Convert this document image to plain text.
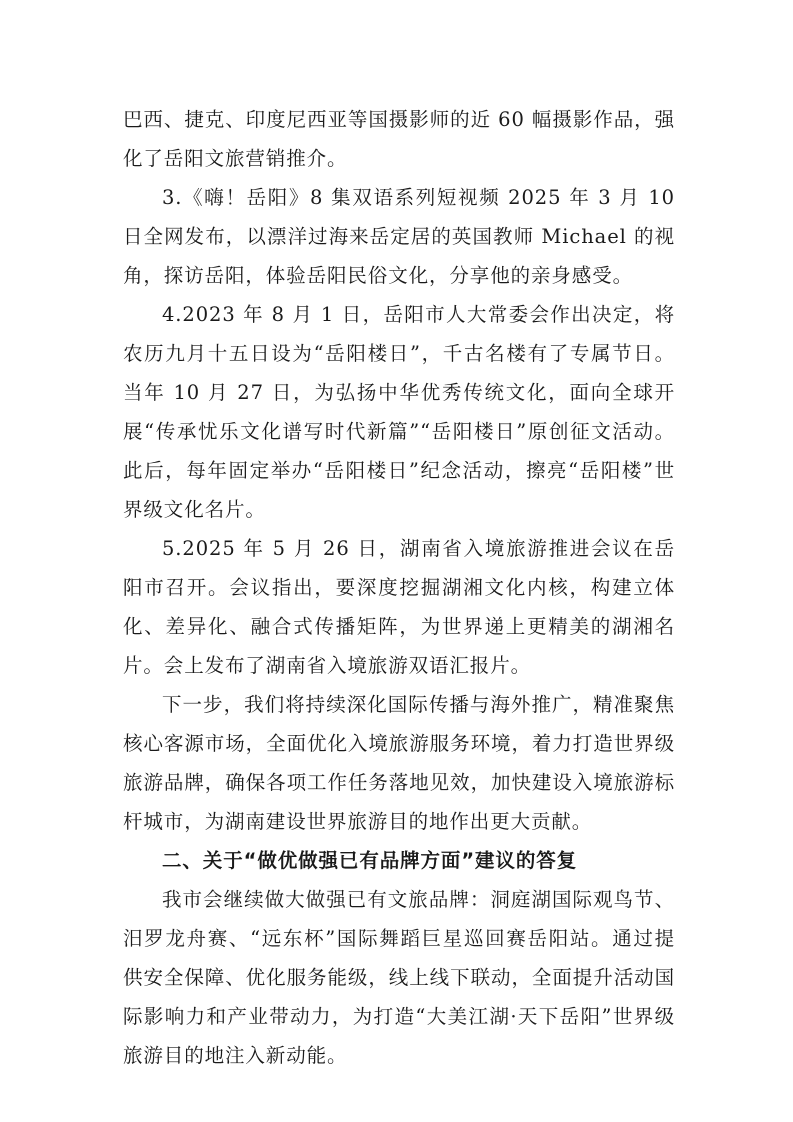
巴西、捷克、印度尼西亚等国摄影师的近 60 幅摄影作品，强化了岳阳文旅营销推介。

3.《嗨！岳阳》8 集双语系列短视频 2025 年 3 月 10 日全网发布，以漂洋过海来岳定居的英国教师 Michael 的视角，探访岳阳，体验岳阳民俗文化，分享他的亲身感受。

4.2023 年 8 月 1 日，岳阳市人大常委会作出决定，将农历九月十五日设为“岳阳楼日”，千古名楼有了专属节日。当年 10 月 27 日，为弘扬中华优秀传统文化，面向全球开展“传承忧乐文化谱写时代新篇”“岳阳楼日”原创征文活动。此后，每年固定举办“岳阳楼日”纪念活动，擦亮“岳阳楼”世界级文化名片。

5.2025 年 5 月 26 日，湖南省入境旅游推进会议在岳阳市召开。会议指出，要深度挖掘湖湘文化内核，构建立体化、差异化、融合式传播矩阵，为世界递上更精美的湖湘名片。会上发布了湖南省入境旅游双语汇报片。

下一步，我们将持续深化国际传播与海外推广，精准聚焦核心客源市场，全面优化入境旅游服务环境，着力打造世界级旅游品牌，确保各项工作任务落地见效，加快建设入境旅游标杆城市，为湖南建设世界旅游目的地作出更大贡献。

二、关于“做优做强已有品牌方面”建议的答复

我市会继续做大做强已有文旅品牌：洞庭湖国际观鸟节、汨罗龙舟赛、“远东杯”国际舞蹈巨星巡回赛岳阳站。通过提供安全保障、优化服务能级，线上线下联动，全面提升活动国际影响力和产业带动力，为打造“大美江湖·天下岳阳”世界级旅游目的地注入新动能。
